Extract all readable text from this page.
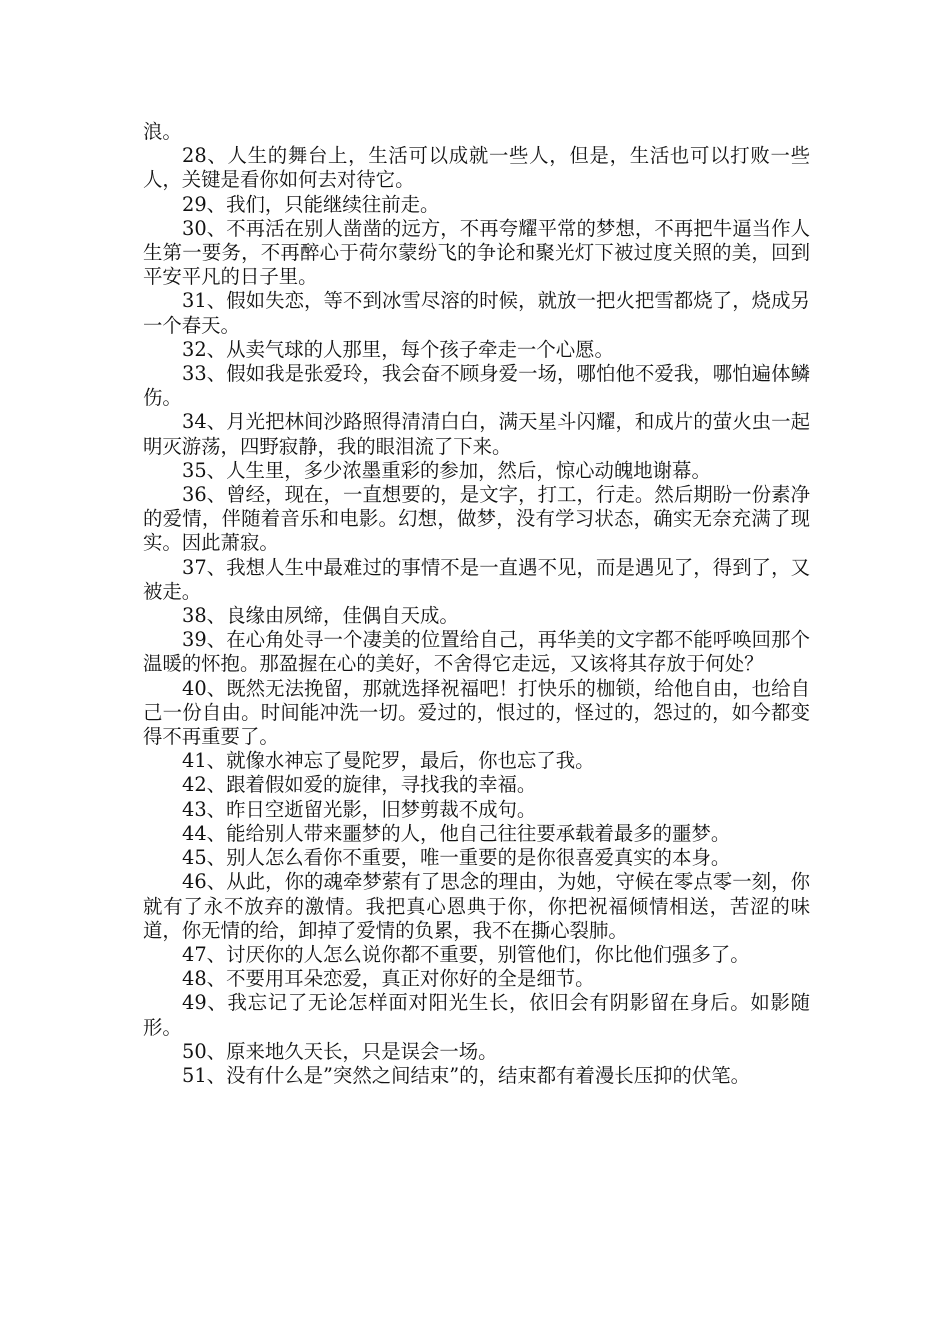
浪。

28、人生的舞台上，生活可以成就一些人，但是，生活也可以打败一些人，关键是看你如何去对待它。

29、我们，只能继续往前走。

30、不再活在别人凿凿的远方，不再夸耀平常的梦想，不再把牛逼当作人生第一要务，不再醉心于荷尔蒙纷飞的争论和聚光灯下被过度关照的美，回到平安平凡的日子里。

31、假如失恋，等不到冰雪尽溶的时候，就放一把火把雪都烧了，烧成另一个春天。

32、从卖气球的人那里，每个孩子牵走一个心愿。

33、假如我是张爱玲，我会奋不顾身爱一场，哪怕他不爱我，哪怕遍体鳞伤。

34、月光把林间沙路照得清清白白，满天星斗闪耀，和成片的萤火虫一起明灭游荡，四野寂静，我的眼泪流了下来。

35、人生里，多少浓墨重彩的参加，然后，惊心动魄地谢幕。

36、曾经，现在，一直想要的，是文字，打工，行走。然后期盼一份素净的爱情，伴随着音乐和电影。幻想，做梦，没有学习状态，确实无奈充满了现实。因此萧寂。

37、我想人生中最难过的事情不是一直遇不见，而是遇见了，得到了，又被走。

38、良缘由夙缔，佳偶自天成。

39、在心角处寻一个凄美的位置给自己，再华美的文字都不能呼唤回那个温暖的怀抱。那盈握在心的美好，不舍得它走远，又该将其存放于何处？

40、既然无法挽留，那就选择祝福吧！打快乐的枷锁，给他自由，也给自己一份自由。时间能冲洗一切。爱过的，恨过的，怪过的，怨过的，如今都变得不再重要了。

41、就像水神忘了曼陀罗，最后，你也忘了我。

42、跟着假如爱的旋律，寻找我的幸福。

43、昨日空逝留光影，旧梦剪裁不成句。

44、能给别人带来噩梦的人，他自己往往要承载着最多的噩梦。

45、别人怎么看你不重要，唯一重要的是你很喜爱真实的本身。

46、从此，你的魂牵梦萦有了思念的理由，为她，守候在零点零一刻，你就有了永不放弃的激情。我把真心恩典于你，你把祝福倾情相送，苦涩的味道，你无情的给，卸掉了爱情的负累，我不在撕心裂肺。

47、讨厌你的人怎么说你都不重要，别管他们，你比他们强多了。

48、不要用耳朵恋爱，真正对你好的全是细节。

49、我忘记了无论怎样面对阳光生长，依旧会有阴影留在身后。如影随形。

50、原来地久天长，只是误会一场。

51、没有什么是”突然之间结束”的，结束都有着漫长压抑的伏笔。
